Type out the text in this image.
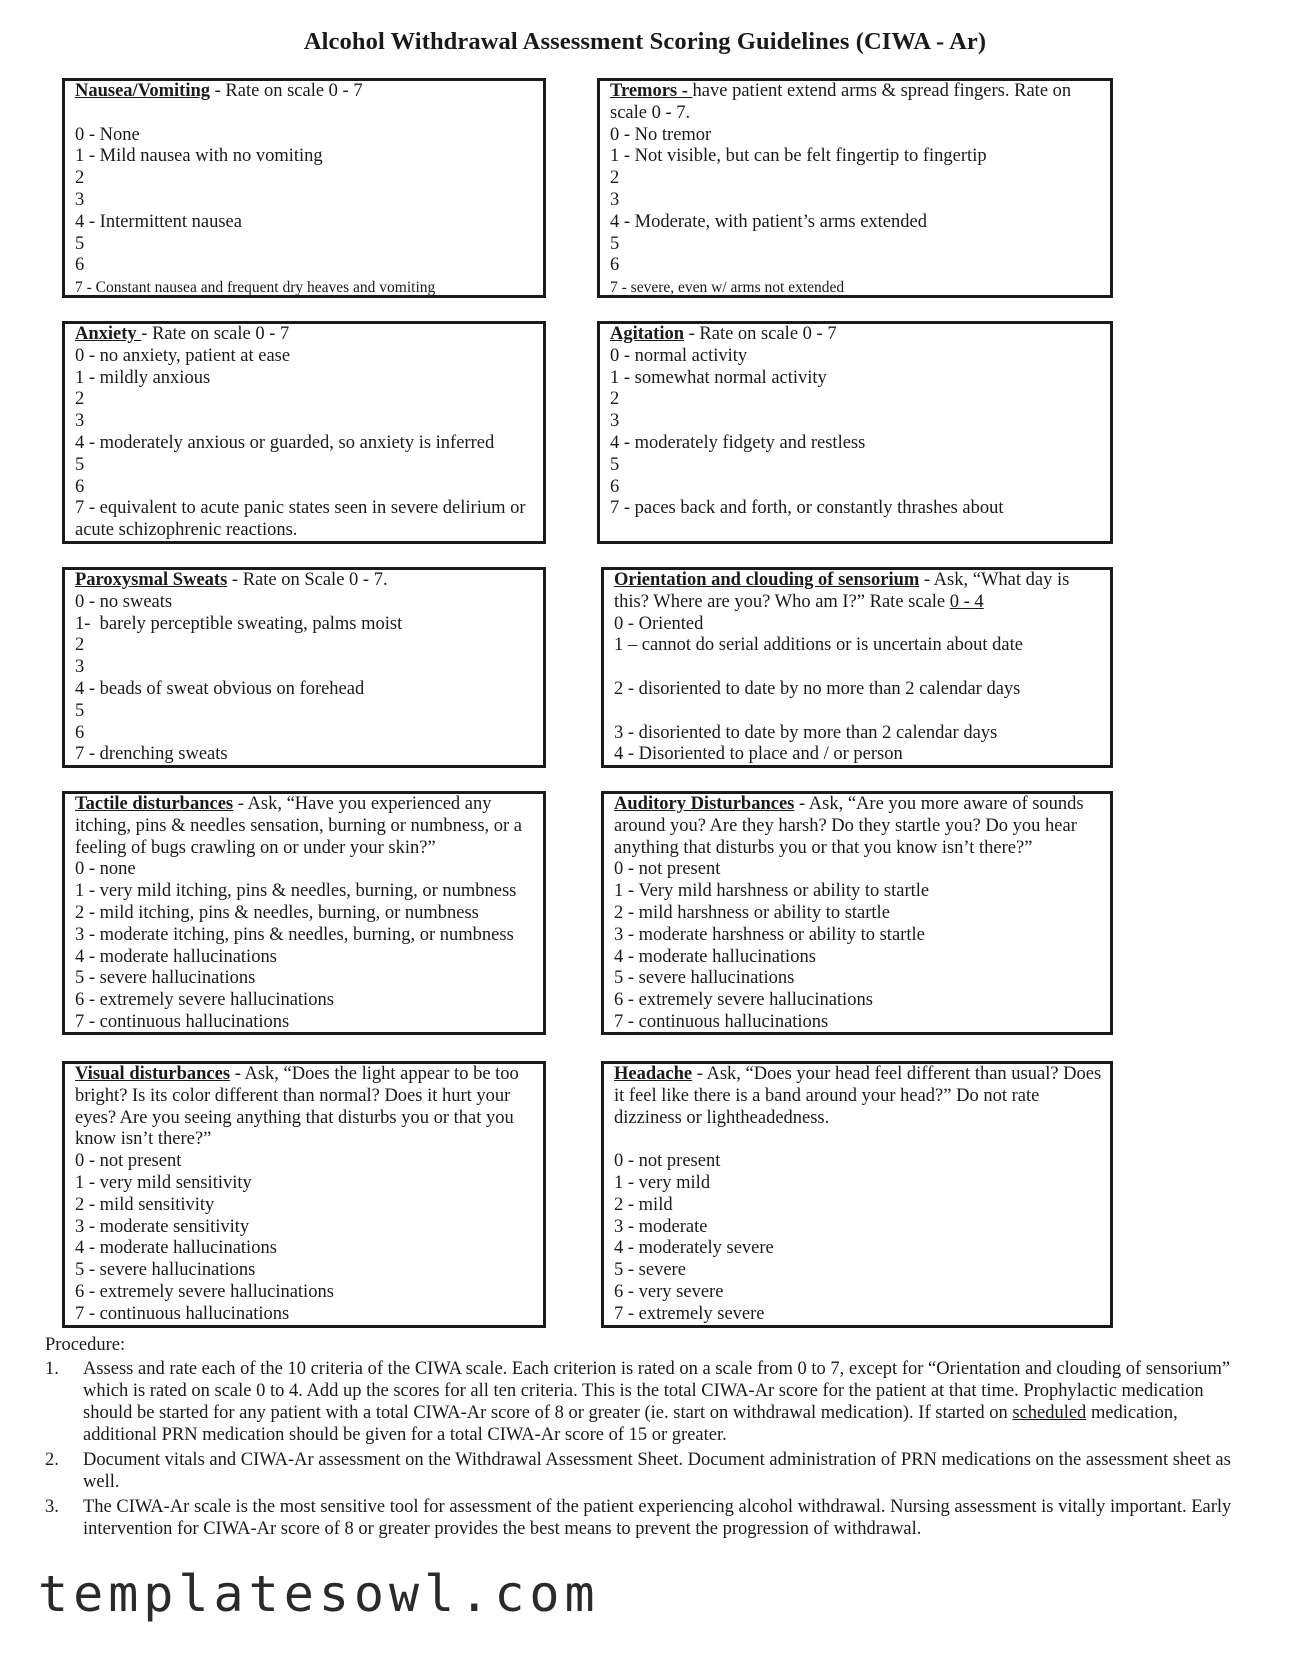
Alcohol Withdrawal Assessment Scoring Guidelines (CIWA - Ar)
Nausea/Vomiting - Rate on scale 0 - 7

0 - None
1 - Mild nausea with no vomiting
2
3
4 - Intermittent nausea
5
6
7 - Constant nausea and frequent dry heaves and vomiting
Tremors - have patient extend arms & spread fingers. Rate on scale 0 - 7.
0 - No tremor
1 - Not visible, but can be felt fingertip to fingertip
2
3
4 - Moderate, with patient’s arms extended
5
6
7 - severe, even w/ arms not extended
Anxiety - Rate on scale 0 - 7
0 - no anxiety, patient at ease
1 - mildly anxious
2
3
4 - moderately anxious or guarded, so anxiety is inferred
5
6
7 - equivalent to acute panic states seen in severe delirium or acute schizophrenic reactions.
Agitation - Rate on scale 0 - 7
0 - normal activity
1 - somewhat normal activity
2
3
4 - moderately fidgety and restless
5
6
7 - paces back and forth, or constantly thrashes about
Paroxysmal Sweats - Rate on Scale 0 - 7.
0 - no sweats
1-  barely perceptible sweating, palms moist
2
3
4 - beads of sweat obvious on forehead
5
6
7 - drenching sweats
Orientation and clouding of sensorium - Ask, “What day is this? Where are you? Who am I?” Rate scale 0 - 4
0 - Oriented
1 – cannot do serial additions or is uncertain about date

2 - disoriented to date by no more than 2 calendar days

3 - disoriented to date by more than 2 calendar days
4 - Disoriented to place and / or person
Tactile disturbances - Ask, “Have you experienced any itching, pins & needles sensation, burning or numbness, or a feeling of bugs crawling on or under your skin?”
0 - none
1 - very mild itching, pins & needles, burning, or numbness
2 - mild itching, pins & needles, burning, or numbness
3 - moderate itching, pins & needles, burning, or numbness
4 - moderate hallucinations
5 - severe hallucinations
6 - extremely severe hallucinations
7 - continuous hallucinations
Auditory Disturbances - Ask, “Are you more aware of sounds around you? Are they harsh? Do they startle you? Do you hear anything that disturbs you or that you know isn’t there?”
0 - not present
1 - Very mild harshness or ability to startle
2 - mild harshness or ability to startle
3 - moderate harshness or ability to startle
4 - moderate hallucinations
5 - severe hallucinations
6 - extremely severe hallucinations
7 - continuous hallucinations
Visual disturbances - Ask, “Does the light appear to be too bright? Is its color different than normal? Does it hurt your eyes? Are you seeing anything that disturbs you or that you know isn’t there?”
0 - not present
1 - very mild sensitivity
2 - mild sensitivity
3 - moderate sensitivity
4 - moderate hallucinations
5 - severe hallucinations
6 - extremely severe hallucinations
7 - continuous hallucinations
Headache - Ask, “Does your head feel different than usual? Does it feel like there is a band around your head?” Do not rate dizziness or lightheadedness.

0 - not present
1 - very mild
2 - mild
3 - moderate
4 - moderately severe
5 - severe
6 - very severe
7 - extremely severe
Procedure:
1. Assess and rate each of the 10 criteria of the CIWA scale. Each criterion is rated on a scale from 0 to 7, except for “Orientation and clouding of sensorium” which is rated on scale 0 to 4. Add up the scores for all ten criteria. This is the total CIWA-Ar score for the patient at that time. Prophylactic medication should be started for any patient with a total CIWA-Ar score of 8 or greater (ie. start on withdrawal medication). If started on scheduled medication, additional PRN medication should be given for a total CIWA-Ar score of 15 or greater.
2. Document vitals and CIWA-Ar assessment on the Withdrawal Assessment Sheet. Document administration of PRN medications on the assessment sheet as well.
3. The CIWA-Ar scale is the most sensitive tool for assessment of the patient experiencing alcohol withdrawal. Nursing assessment is vitally important. Early intervention for CIWA-Ar score of 8 or greater provides the best means to prevent the progression of withdrawal.
templatesowl.com
